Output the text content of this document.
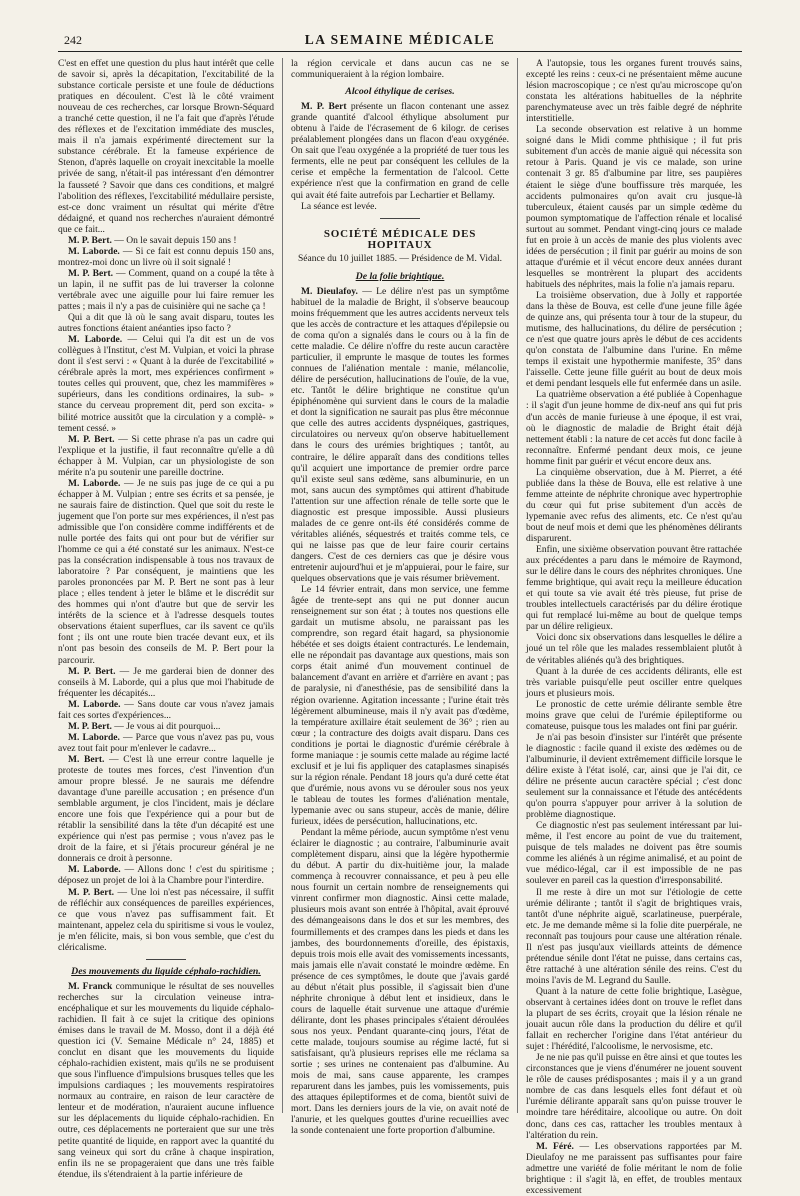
242	LA SEMAINE MÉDICALE

C'est en effet une question du plus haut intérêt que celle de savoir si, après la décapitation, l'excitabilité de la substance corticale persiste et une foule de déductions pratiques en découlent. C'est là le côté vraiment nouveau de ces recherches, car lorsque Brown-Séquard a tranché cette question, il ne l'a fait que d'après l'étude des réflexes et de l'excitation immédiate des muscles, mais il n'a jamais expérimenté directement sur la substance cérébrale. Et la fameuse expérience de Stenon, d'après laquelle on croyait inexcitable la moelle privée de sang, n'était-il pas intéressant d'en démontrer la fausseté ? Savoir que dans ces conditions, et malgré l'abolition des réflexes, l'excitabilité médullaire persiste, est-ce donc vraiment un résultat qui mérite d'être dédaigné, et quand nos recherches n'auraient démontré que ce fait...

M. P. Bert. — On le savait depuis 150 ans !

M. Laborde. — Si ce fait est connu depuis 150 ans, montrez-moi donc un livre où il soit signalé !

M. P. Bert. — Comment, quand on a coupé la tête à un lapin, il ne suffit pas de lui traverser la colonne vertébrale avec une aiguille pour lui faire remuer les pattes ; mais il n'y a pas de cuisinière qui ne sache ça !

Qui a dit que là où le sang avait disparu, toutes les autres fonctions étaient anéanties ipso facto ?

M. Laborde. — Celui qui l'a dit est un de vos collègues à l'Institut, c'est M. Vulpian, et voici la phrase dont il s'est servi : « Quant à la durée de l'excitabilité » cérébrale après la mort, mes expériences confirment » toutes celles qui prouvent, que, chez les mammifères » supérieurs, dans les conditions ordinaires, la sub- » stance du cerveau proprement dit, perd son excita- » bilité motrice aussitôt que la circulation y a complè- » tement cessé. »

M. P. Bert. — Si cette phrase n'a pas un cadre qui l'explique et la justifie, il faut reconnaître qu'elle a dû échapper à M. Vulpian, car un physiologiste de son mérite n'a pu soutenir une pareille doctrine.

M. Laborde. — Je ne suis pas juge de ce qui a pu échapper à M. Vulpian ; entre ses écrits et sa pensée, je ne saurais faire de distinction. Quel que soit du reste le jugement que l'on porte sur mes expériences, il n'est pas admissible que l'on considère comme indifférents et de nulle portée des faits qui ont pour but de vérifier sur l'homme ce qui a été constaté sur les animaux. N'est-ce pas la consécration indispensable à tous nos travaux de laboratoire ? Par conséquent, je maintiens que les paroles prononcées par M. P. Bert ne sont pas à leur place ; elles tendent à jeter le blâme et le discrédit sur des hommes qui n'ont d'autre but que de servir les intérêts de la science et à l'adresse desquels toutes observations étaient superflues, car ils savent ce qu'ils font ; ils ont une route bien tracée devant eux, et ils n'ont pas besoin des conseils de M. P. Bert pour la parcourir.

M. P. Bert. — Je me garderai bien de donner des conseils à M. Laborde, qui a plus que moi l'habitude de fréquenter les décapités...

M. Laborde. — Sans doute car vous n'avez jamais fait ces sortes d'expériences...

M. P. Bert. — Je vous ai dit pourquoi...

M. Laborde. — Parce que vous n'avez pas pu, vous avez tout fait pour m'enlever le cadavre...

M. Bert. — C'est là une erreur contre laquelle je proteste de toutes mes forces, c'est l'invention d'un amour propre blessé. Je ne saurais me défendre davantage d'une pareille accusation ; en présence d'un semblable argument, je clos l'incident, mais je déclare encore une fois que l'expérience qui a pour but de rétablir la sensibilité dans la tête d'un décapité est une expérience qui n'est pas permise ; vous n'avez pas le droit de la faire, et si j'étais procureur général je ne donnerais ce droit à personne.

M. Laborde. — Allons donc ! c'est du spiritisme ; déposez un projet de loi à la Chambre pour l'interdire.

M. P. Bert. — Une loi n'est pas nécessaire, il suffit de réfléchir aux conséquences de pareilles expériences, ce que vous n'avez pas suffisamment fait. Et maintenant, appelez cela du spiritisme si vous le voulez, je m'en félicite, mais, si bon vous semble, que c'est du cléricalisme.

Des mouvements du liquide céphalo-rachidien.

M. Franck communique le résultat de ses nouvelles recherches sur la circulation veineuse intra-encéphalique et sur les mouvements du liquide céphalo-rachidien. Il fait à ce sujet la critique des opinions émises dans le travail de M. Mosso, dont il a déjà été question ici (V. Semaine Médicale n° 24, 1885) et conclut en disant que les mouvements du liquide céphalo-rachidien existent, mais qu'ils ne se produisent que sous l'influence d'impulsions brusques telles que les impulsions cardiaques ; les mouvements respiratoires normaux au contraire, en raison de leur caractère de lenteur et de modération, n'auraient aucune influence sur les déplacements du liquide céphalo-rachidien. En outre, ces déplacements ne porteraient que sur une très petite quantité de liquide, en rapport avec la quantité du sang veineux qui sort du crâne à chaque inspiration, enfin ils ne se propageraient que dans une très faible étendue, ils s'étendraient à la partie inférieure de

la région cervicale et dans aucun cas ne se communiqueraient à la région lombaire.

Alcool éthylique de cerises.

M. P. Bert présente un flacon contenant une assez grande quantité d'alcool éthylique absolument pur obtenu à l'aide de l'écrasement de 6 kilogr. de cerises préalablement plongées dans un flacon d'eau oxygénée. On sait que l'eau oxygénée a la propriété de tuer tous les ferments, elle ne peut par conséquent les cellules de la cerise et empêche la fermentation de l'alcool. Cette expérience n'est que la confirmation en grand de celle qui avait été faite autrefois par Lechartier et Bellamy.

La séance est levée.

SOCIÉTÉ MÉDICALE DES HOPITAUX

Séance du 10 juillet 1885. — Présidence de M. Vidal.

De la folie brightique.

M. Dieulafoy. — Le délire n'est pas un symptôme habituel de la maladie de Bright, il s'observe beaucoup moins fréquemment que les autres accidents nerveux tels que les accès de contracture et les attaques d'épilepsie ou de coma qu'on a signalés dans le cours ou à la fin de cette maladie. Ce délire n'offre du reste aucun caractère particulier, il emprunte le masque de toutes les formes connues de l'aliénation mentale : manie, mélancolie, délire de persécution, hallucinations de l'ouïe, de la vue, etc. Tantôt le délire brightique ne constitue qu'un épiphénomène qui survient dans le cours de la maladie et dont la signification ne saurait pas plus être méconnue que celle des autres accidents dyspnéiques, gastriques, circulatoires ou nerveux qu'on observe habituellement dans le cours des urémies brightiques ; tantôt, au contraire, le délire apparaît dans des conditions telles qu'il acquiert une importance de premier ordre parce qu'il existe seul sans œdème, sans albuminurie, en un mot, sans aucun des symptômes qui attirent d'habitude l'attention sur une affection rénale de telle sorte que le diagnostic est presque impossible. Aussi plusieurs malades de ce genre ont-ils été considérés comme de véritables aliénés, séquestrés et traités comme tels, ce qui ne laisse pas que de leur faire courir certains dangers. C'est de ces derniers cas que je désire vous entretenir aujourd'hui et je m'appuierai, pour le faire, sur quelques observations que je vais résumer brièvement.

Le 14 février entrait, dans mon service, une femme âgée de trente-sept ans qui ne put donner aucun renseignement sur son état ; à toutes nos questions elle gardait un mutisme absolu, ne paraissant pas les comprendre, son regard était hagard, sa physionomie hébétée et ses doigts étaient contracturés. Le lendemain, elle ne répondait pas davantage aux questions, mais son corps était animé d'un mouvement continuel de balancement d'avant en arrière et d'arrière en avant ; pas de paralysie, ni d'anesthésie, pas de sensibilité dans la région ovarienne. Agitation incessante ; l'urine était très légèrement albumineuse, mais il n'y avait pas d'œdème, la température axillaire était seulement de 36° ; rien au cœur ; la contracture des doigts avait disparu. Dans ces conditions je portai le diagnostic d'urémie cérébrale à forme maniaque : je soumis cette malade au régime lacté exclusif et je lui fis appliquer des cataplasmes sinapisés sur la région rénale. Pendant 18 jours qu'a duré cette état que d'urémie, nous avons vu se dérouler sous nos yeux le tableau de toutes les formes d'aliénation mentale, lypemanie avec ou sans stupeur, accès de manie, délire furieux, idées de persécution, hallucinations, etc.

Pendant la même période, aucun symptôme n'est venu éclairer le diagnostic ; au contraire, l'albuminurie avait complètement disparu, ainsi que la légère hypothermie du début. A partir du dix-huitième jour, la malade commença à recouvrer connaissance, et peu à peu elle nous fournit un certain nombre de renseignements qui vinrent confirmer mon diagnostic. Ainsi cette malade, plusieurs mois avant son entrée à l'hôpital, avait éprouvé des démangeaisons dans le dos et sur les membres, des fourmillements et des crampes dans les pieds et dans les jambes, des bourdonnements d'oreille, des épistaxis, depuis trois mois elle avait des vomissements incessants, mais jamais elle n'avait constaté le moindre œdème. En présence de ces symptômes, le doute que j'avais gardé au début n'était plus possible, il s'agissait bien d'une néphrite chronique à début lent et insidieux, dans le cours de laquelle était survenue une attaque d'urémie délirante, dont les phases principales s'étaient déroulées sous nos yeux. Pendant quarante-cinq jours, l'état de cette malade, toujours soumise au régime lacté, fut si satisfaisant, qu'à plusieurs reprises elle me réclama sa sortie ; ses urines ne contenaient pas d'albumine. Au mois de mai, sans cause apparente, les crampes reparurent dans les jambes, puis les vomissements, puis des attaques épileptiformes et de coma, bientôt suivi de mort. Dans les derniers jours de la vie, on avait noté de l'anurie, et les quelques gouttes d'urine recueillies avec la sonde contenaient une forte proportion d'albumine.

A l'autopsie, tous les organes furent trouvés sains, excepté les reins : ceux-ci ne présentaient même aucune lésion macroscopique ; ce n'est qu'au microscope qu'on constata les altérations habituelles de la néphrite parenchymateuse avec un très faible degré de néphrite interstitielle.

La seconde observation est relative à un homme soigné dans le Midi comme phthisique ; il fut pris subitement d'un accès de manie aiguë qui nécessita son retour à Paris. Quand je vis ce malade, son urine contenait 3 gr. 85 d'albumine par litre, ses paupières étaient le siège d'une bouffissure très marquée, les accidents pulmonaires qu'on avait cru jusque-là tuberculeux, étaient causés par un simple œdème du poumon symptomatique de l'affection rénale et localisé surtout au sommet. Pendant vingt-cinq jours ce malade fut en proie à un accès de manie des plus violents avec idées de persécution ; il finit par guérir au moins de son attaque d'urémie et il vécut encore deux années durant lesquelles se montrèrent la plupart des accidents habituels des néphrites, mais la folie n'a jamais reparu.

La troisième observation, due à Jolly et rapportée dans la thèse de Bouva, est celle d'une jeune fille âgée de quinze ans, qui présenta tour à tour de la stupeur, du mutisme, des hallucinations, du délire de persécution ; ce n'est que quatre jours après le début de ces accidents qu'on constata de l'albumine dans l'urine. En même temps il existait une hypothermie manifeste, 35° dans l'aisselle. Cette jeune fille guérit au bout de deux mois et demi pendant lesquels elle fut enfermée dans un asile.

La quatrième observation a été publiée à Copenhague : il s'agit d'un jeune homme de dix-neuf ans qui fut pris d'un accès de manie furieuse à une époque, il est vrai, où le diagnostic de maladie de Bright était déjà nettement établi : la nature de cet accès fut donc facile à reconnaître. Enfermé pendant deux mois, ce jeune homme finit par guérir et vécut encore deux ans.

La cinquième observation, due à M. Pierret, a été publiée dans la thèse de Bouva, elle est relative à une femme atteinte de néphrite chronique avec hypertrophie du cœur qui fut prise subitement d'un accès de lypemanie avec refus des aliments, etc. Ce n'est qu'au bout de neuf mois et demi que les phénomènes délirants disparurent.

Enfin, une sixième observation pouvant être rattachée aux précédentes a paru dans le mémoire de Raymond, sur le délire dans le cours des néphrites chroniques. Une femme brightique, qui avait reçu la meilleure éducation et qui toute sa vie avait été très pieuse, fut prise de troubles intellectuels caractérisés par du délire érotique qui fut remplacé lui-même au bout de quelque temps par un délire religieux.

Voici donc six observations dans lesquelles le délire a joué un tel rôle que les malades ressemblaient plutôt à de véritables aliénés qu'à des brightiques.

Quant à la durée de ces accidents délirants, elle est très variable puisqu'elle peut osciller entre quelques jours et plusieurs mois.

Le pronostic de cette urémie délirante semble être moins grave que celui de l'urémie épileptiforme ou comateuse, puisque tous les malades ont fini par guérir.

Je n'ai pas besoin d'insister sur l'intérêt que présente le diagnostic : facile quand il existe des œdèmes ou de l'albuminurie, il devient extrêmement difficile lorsque le délire existe à l'état isolé, car, ainsi que je l'ai dit, ce délire ne présente aucun caractère spécial ; c'est donc seulement sur la connaissance et l'étude des antécédents qu'on pourra s'appuyer pour arriver à la solution de problème diagnostique.

Ce diagnostic n'est pas seulement intéressant par lui-même, il l'est encore au point de vue du traitement, puisque de tels malades ne doivent pas être soumis comme les aliénés à un régime animalisé, et au point de vue médico-légal, car il est impossible de ne pas soulever en pareil cas la question d'irresponsabilité.

Il me reste à dire un mot sur l'étiologie de cette urémie délirante ; tantôt il s'agit de brightiques vrais, tantôt d'une néphrite aiguë, scarlatineuse, puerpérale, etc. Je me demande même si la folie dite puerpérale, ne reconnaît pas toujours pour cause une altération rénale. Il n'est pas jusqu'aux vieillards atteints de démence prétendue sénile dont l'état ne puisse, dans certains cas, être rattaché à une altération sénile des reins. C'est du moins l'avis de M. Legrand du Saulle.

Quant à la nature de cette folie brightique, Lasègue, observant à certaines idées dont on trouve le reflet dans la plupart de ses écrits, croyait que la lésion rénale ne jouait aucun rôle dans la production du délire et qu'il fallait en rechercher l'origine dans l'état antérieur du sujet : l'hérédité, l'alcoolisme, le nervosisme, etc.

Je ne nie pas qu'il puisse en être ainsi et que toutes les circonstances que je viens d'énumérer ne jouent souvent le rôle de causes prédisposantes ; mais il y a un grand nombre de cas dans lesquels elles font défaut et où l'urémie délirante apparaît sans qu'on puisse trouver le moindre tare héréditaire, alcoolique ou autre. On doit donc, dans ces cas, rattacher les troubles mentaux à l'altération du rein.

M. Féré. — Les observations rapportées par M. Dieulafoy ne me paraissent pas suffisantes pour faire admettre une variété de folie méritant le nom de folie brightique : il s'agit là, en effet, de troubles mentaux excessivement
